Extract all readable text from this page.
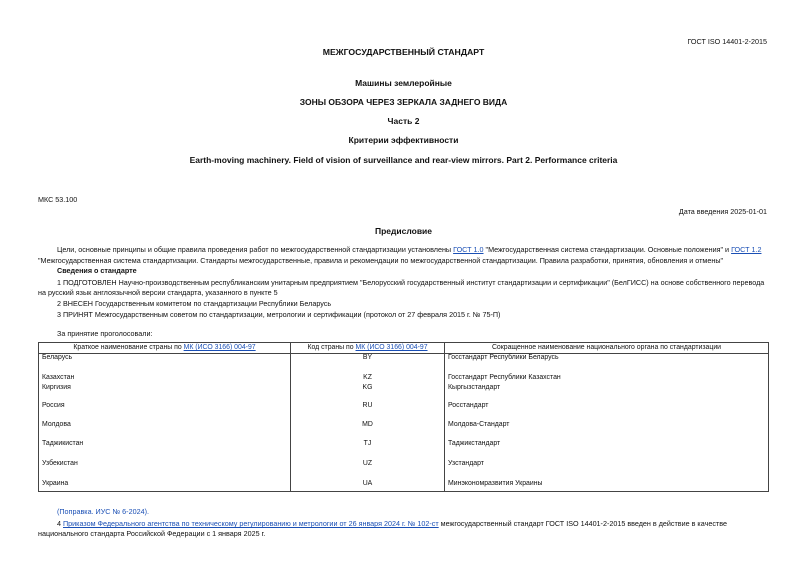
ГОСТ ISO 14401-2-2015
МЕЖГОСУДАРСТВЕННЫЙ СТАНДАРТ
Машины землеройные
ЗОНЫ ОБЗОРА ЧЕРЕЗ ЗЕРКАЛА ЗАДНЕГО ВИДА
Часть 2
Критерии эффективности
Earth-moving machinery. Field of vision of surveillance and rear-view mirrors. Part 2. Performance criteria
МКС 53.100
Дата введения 2025-01-01
Предисловие
Цели, основные принципы и общие правила проведения работ по межгосударственной стандартизации установлены ГОСТ 1.0 "Межгосударственная система стандартизации. Основные положения" и ГОСТ 1.2
"Межгосударственная система стандартизации. Стандарты межгосударственные, правила и рекомендации по межгосударственной стандартизации. Правила разработки, принятия, обновления и отмены"
Сведения о стандарте
1 ПОДГОТОВЛЕН Научно-производственным республиканским унитарным предприятием "Белорусский государственный институт стандартизации и сертификации" (БелГИСС) на основе собственного перевода
на русский язык англоязычной версии стандарта, указанного в пункте 5
2 ВНЕСЕН Государственным комитетом по стандартизации Республики Беларусь
3 ПРИНЯТ Межгосударственным советом по стандартизации, метрологии и сертификации (протокол от 27 февраля 2015 г. № 75-П)
За принятие проголосовали:
Краткое наименование страны по МК (ИСО 3166) 004-97	Код страны по МК (ИСО 3166) 004-97	Сокращенное наименование национального органа по стандартизации
Беларусь	BY	Госстандарт Республики Беларусь
Казахстан	KZ	Госстандарт Республики Казахстан
Киргизия	KG	Кыргызстандарт
Россия	RU	Росстандарт
Молдова	MD	Молдова-Стандарт
Таджикистан	TJ	Таджикстандарт
Узбекистан	UZ	Узстандарт
Украина	UA	Минэкономразвития Украины
(Поправка. ИУС № 6-2024).
4 Приказом Федерального агентства по техническому регулированию и метрологии от 26 января 2024 г. № 102-ст межгосударственный стандарт ГОСТ ISO 14401-2-2015 введен в действие в качестве
национального стандарта Российской Федерации с 1 января 2025 г.
